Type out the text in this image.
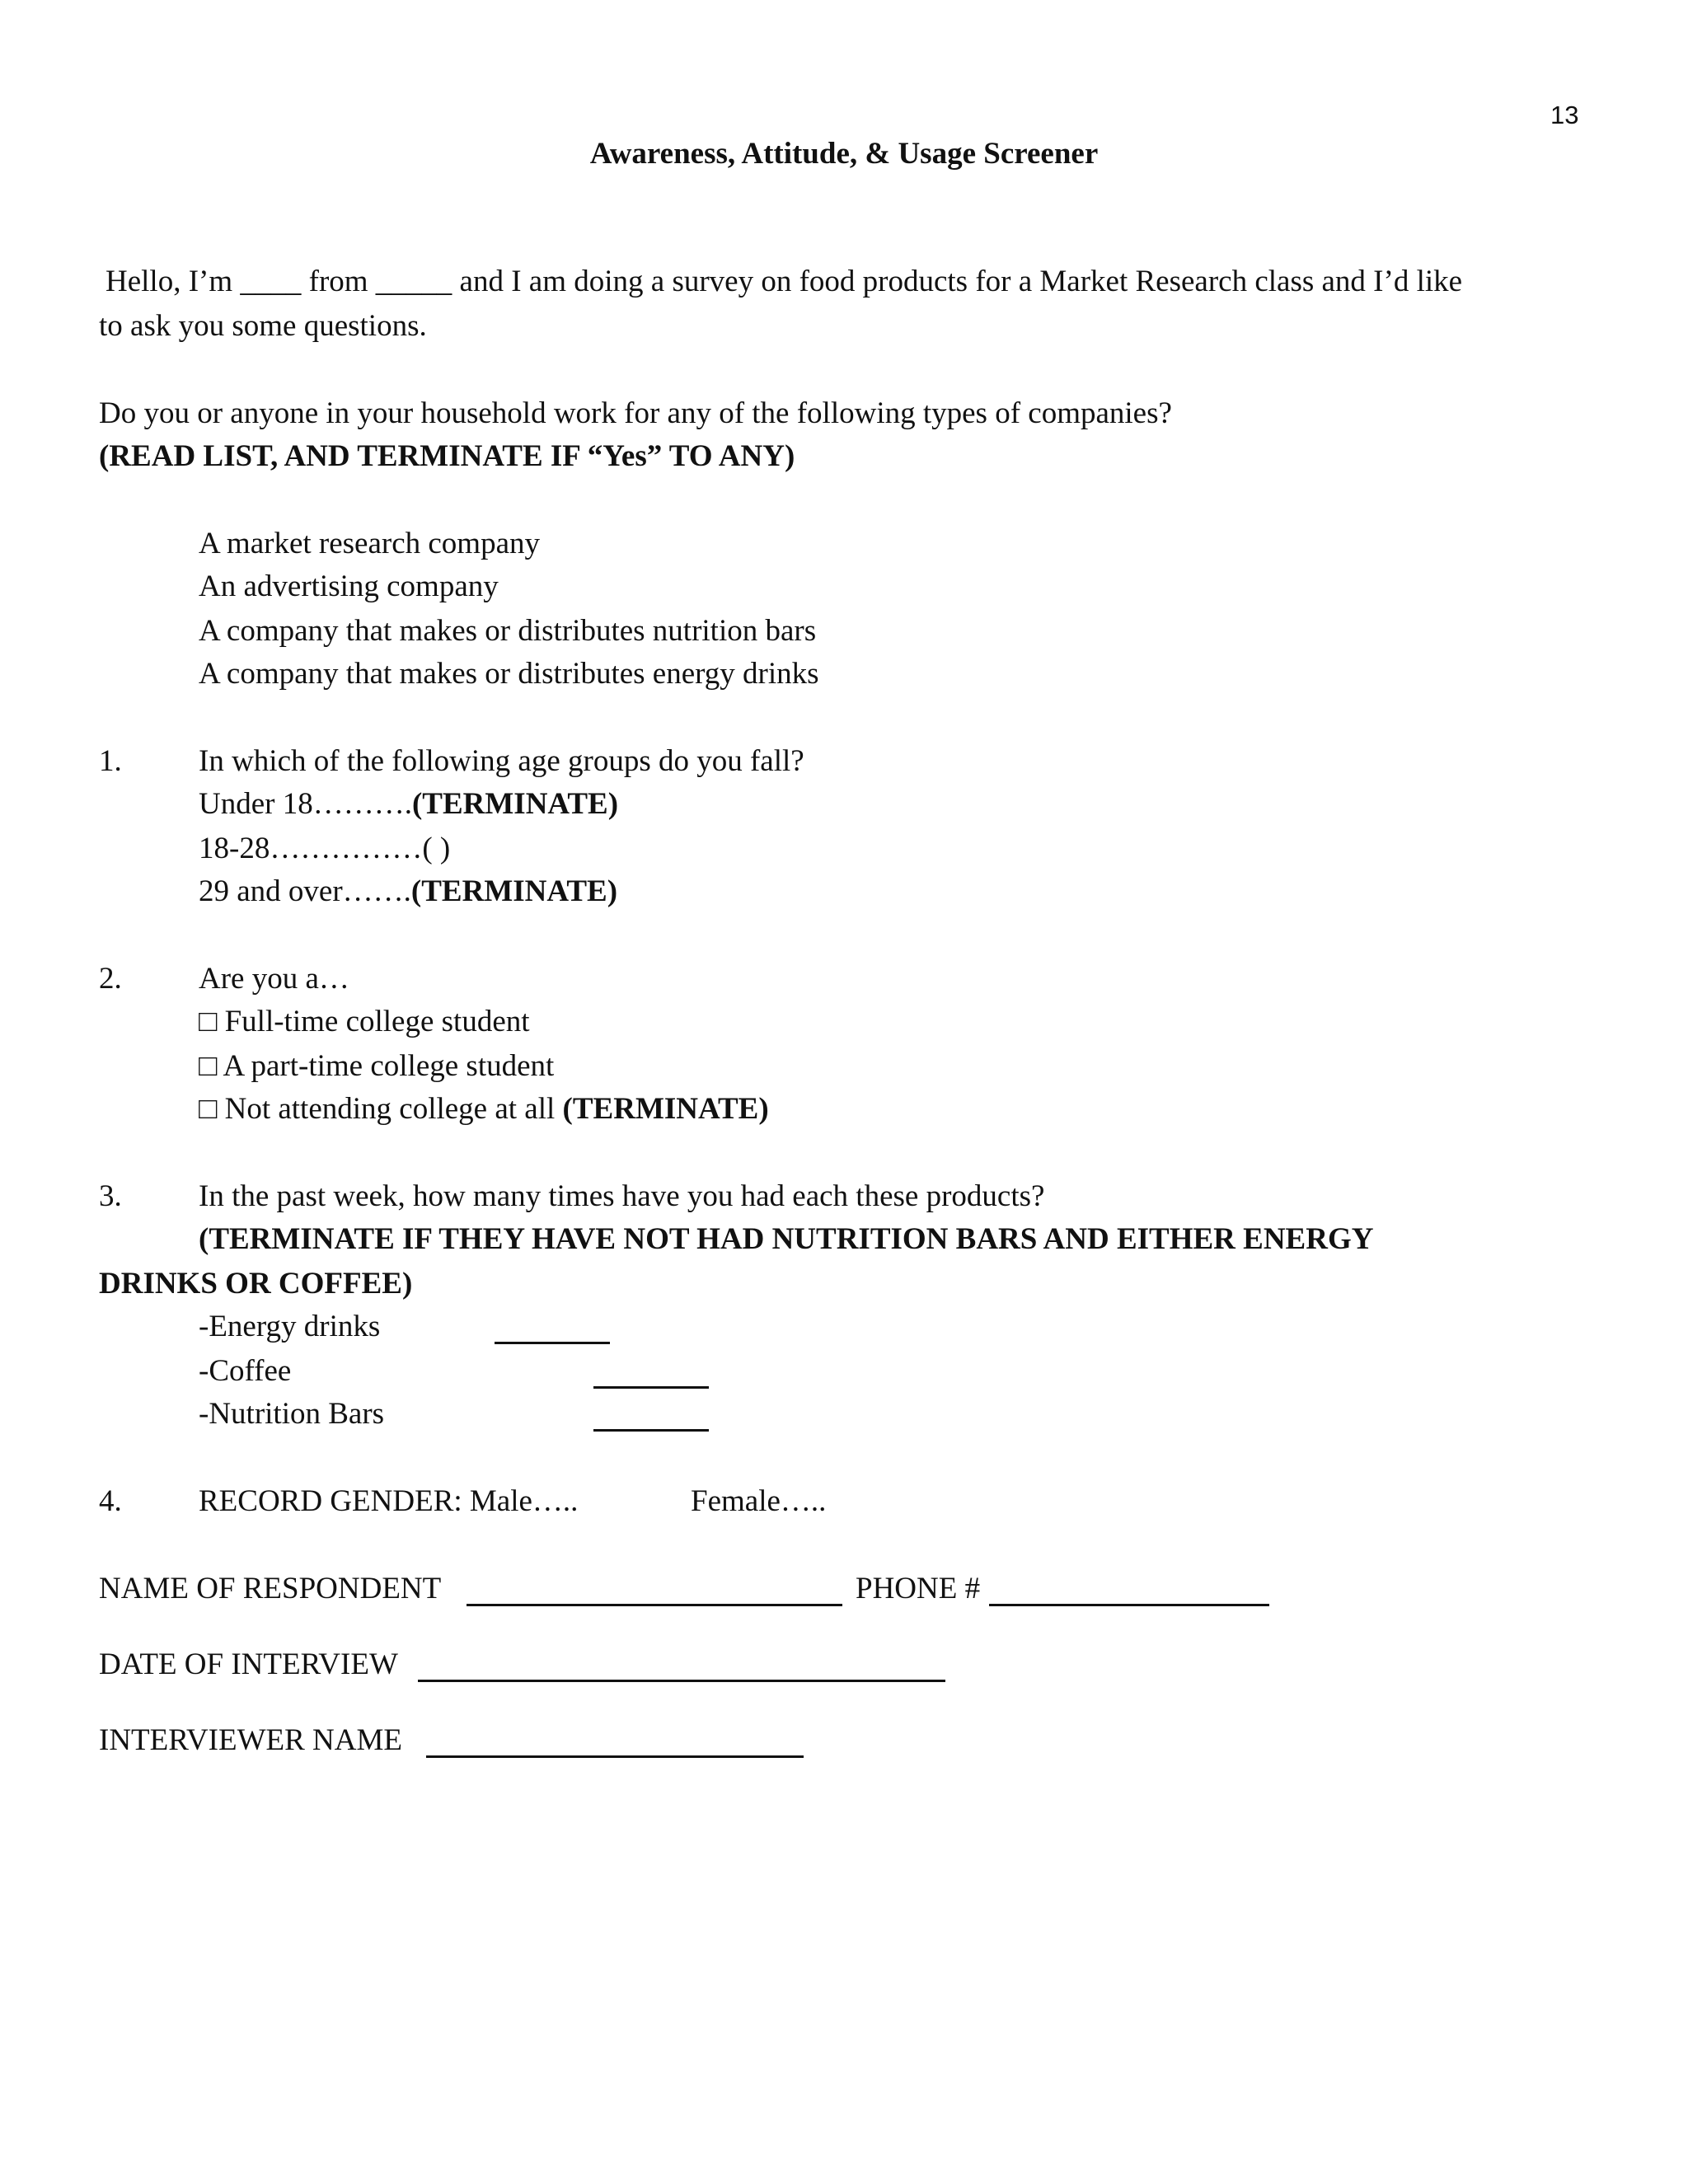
13
Awareness, Attitude, & Usage Screener
Hello, I’m ____ from _____ and I am doing a survey on food products for a Market Research class and I’d like
to ask you some questions.
Do you or anyone in your household work for any of the following types of companies?
(READ LIST, AND TERMINATE IF “Yes” TO ANY)
A market research company
An advertising company
A company that makes or distributes nutrition bars
A company that makes or distributes energy drinks
1.	In which of the following age groups do you fall?
Under 18……….(TERMINATE)
18-28……………( )
29 and over…….(TERMINATE)
2.	Are you a…
□ Full-time college student
□ A part-time college student
□ Not attending college at all (TERMINATE)
3.	In the past week, how many times have you had each these products?
(TERMINATE IF THEY HAVE NOT HAD NUTRITION BARS AND EITHER ENERGY
DRINKS OR COFFEE)
-Energy drinks
-Coffee
-Nutrition Bars
4.	RECORD GENDER: Male…..	Female…..
NAME OF RESPONDENT	PHONE #
DATE OF INTERVIEW
INTERVIEWER NAME
